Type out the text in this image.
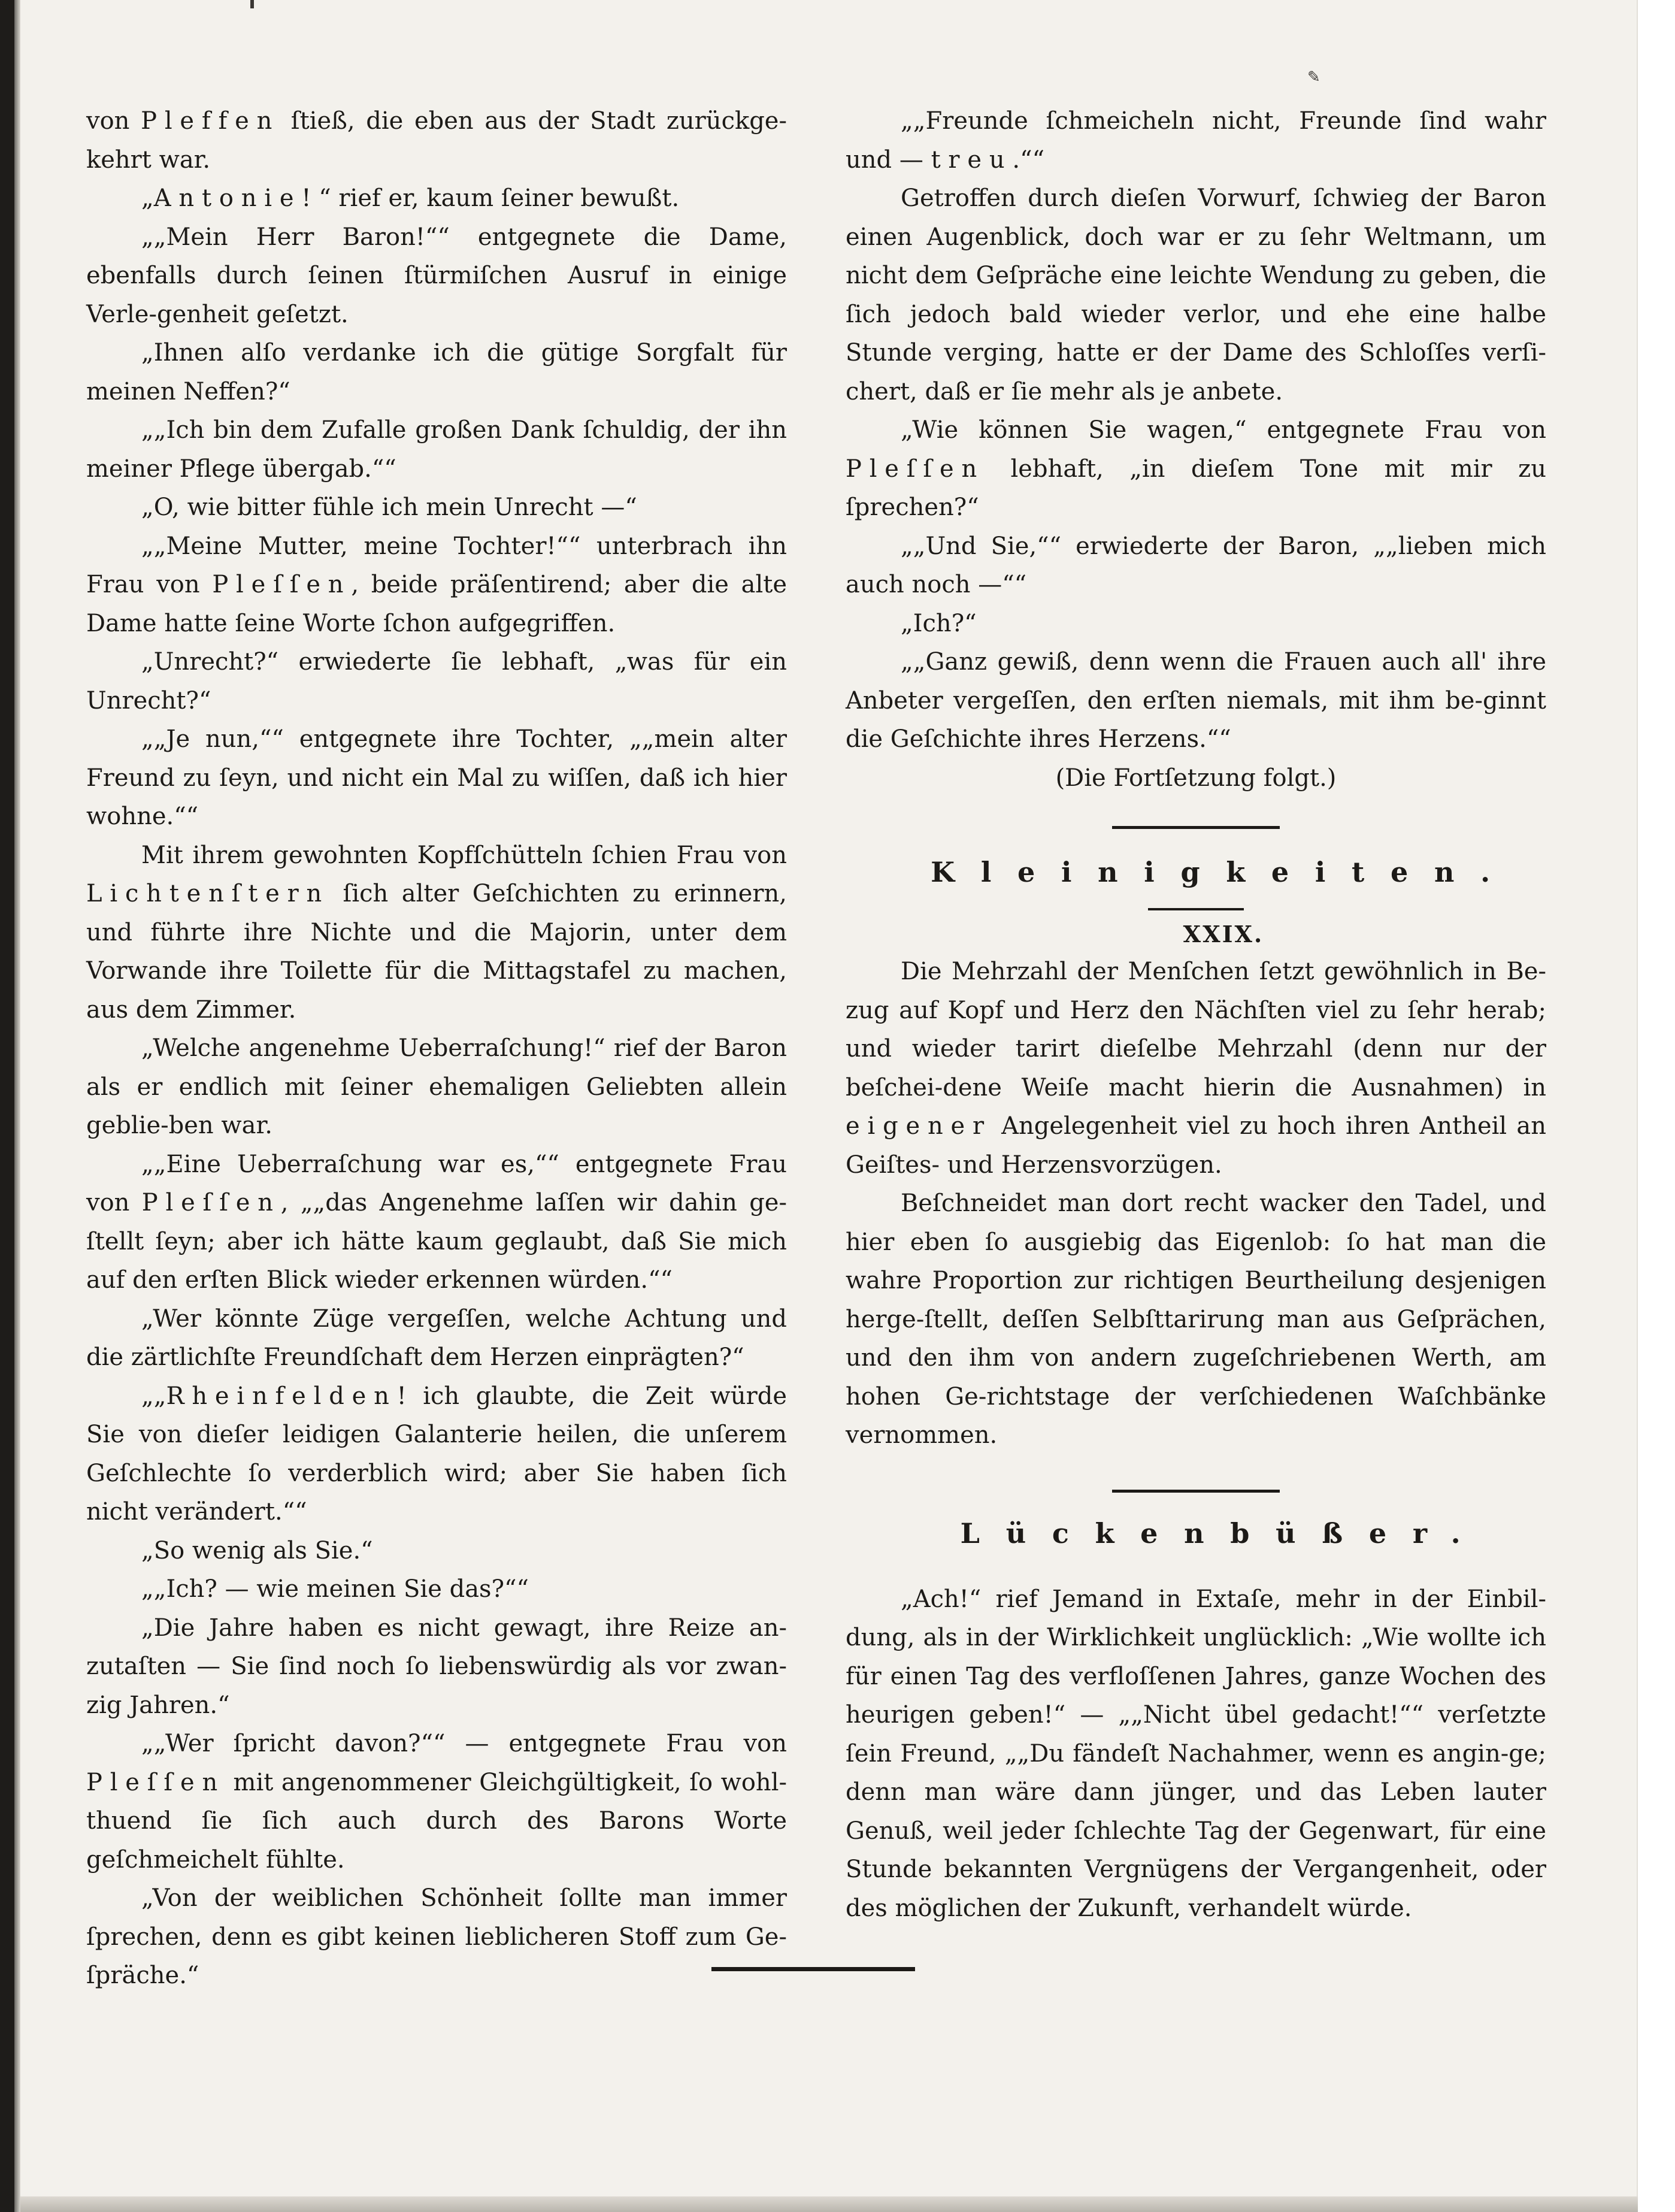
✎

von Pleffen ſtieß, die eben aus der Stadt zurückge-kehrt war.

„Antonie!“ rief er, kaum ſeiner bewußt.

„„Mein Herr Baron!““ entgegnete die Dame, ebenfalls durch ſeinen ſtürmiſchen Ausruf in einige Verle-genheit geſetzt.

„Ihnen alſo verdanke ich die gütige Sorgfalt für meinen Neffen?“

„„Ich bin dem Zufalle großen Dank ſchuldig, der ihn meiner Pflege übergab.““

„O, wie bitter fühle ich mein Unrecht —“

„„Meine Mutter, meine Tochter!““ unterbrach ihn Frau von Pleſſen, beide präſentirend; aber die alte Dame hatte ſeine Worte ſchon aufgegriffen.

„Unrecht?“ erwiederte ſie lebhaft, „was für ein Unrecht?“

„„Je nun,““ entgegnete ihre Tochter, „„mein alter Freund zu ſeyn, und nicht ein Mal zu wiſſen, daß ich hier wohne.““

Mit ihrem gewohnten Kopfſchütteln ſchien Frau von Lichtenſtern ſich alter Geſchichten zu erinnern, und führte ihre Nichte und die Majorin, unter dem Vorwande ihre Toilette für die Mittagstafel zu machen, aus dem Zimmer.

„Welche angenehme Ueberraſchung!“ rief der Baron als er endlich mit ſeiner ehemaligen Geliebten allein geblie-ben war.

„„Eine Ueberraſchung war es,““ entgegnete Frau von Pleſſen, „„das Angenehme laſſen wir dahin ge-ſtellt ſeyn; aber ich hätte kaum geglaubt, daß Sie mich auf den erſten Blick wieder erkennen würden.““

„Wer könnte Züge vergeſſen, welche Achtung und die zärtlichſte Freundſchaft dem Herzen einprägten?“

„„Rheinfelden! ich glaubte, die Zeit würde Sie von dieſer leidigen Galanterie heilen, die unſerem Geſchlechte ſo verderblich wird; aber Sie haben ſich nicht verändert.““

„So wenig als Sie.“

„„Ich? — wie meinen Sie das?““

„Die Jahre haben es nicht gewagt, ihre Reize an-zutaſten — Sie ſind noch ſo liebenswürdig als vor zwan-zig Jahren.“

„„Wer ſpricht davon?““ — entgegnete Frau von Pleſſen mit angenommener Gleichgültigkeit, ſo wohl-thuend ſie ſich auch durch des Barons Worte geſchmeichelt fühlte.

„Von der weiblichen Schönheit ſollte man immer ſprechen, denn es gibt keinen lieblicheren Stoff zum Ge-ſpräche.“

„„Freunde ſchmeicheln nicht, Freunde ſind wahr und — treu.““

Getroffen durch dieſen Vorwurf, ſchwieg der Baron einen Augenblick, doch war er zu ſehr Weltmann, um nicht dem Geſpräche eine leichte Wendung zu geben, die ſich jedoch bald wieder verlor, und ehe eine halbe Stunde verging, hatte er der Dame des Schloſſes verſi-chert, daß er ſie mehr als je anbete.

„Wie können Sie wagen,“ entgegnete Frau von Pleſſen lebhaft, „in dieſem Tone mit mir zu ſprechen?“

„„Und Sie,““ erwiederte der Baron, „„lieben mich auch noch —““

„Ich?“

„„Ganz gewiß, denn wenn die Frauen auch all' ihre Anbeter vergeſſen, den erſten niemals, mit ihm be-ginnt die Geſchichte ihres Herzens.““

(Die Fortſetzung folgt.)

Kleinigkeiten.

XXIX.

Die Mehrzahl der Menſchen ſetzt gewöhnlich in Be-zug auf Kopf und Herz den Nächſten viel zu ſehr herab; und wieder tarirt dieſelbe Mehrzahl (denn nur der beſchei-dene Weiſe macht hierin die Ausnahmen) in eigener Angelegenheit viel zu hoch ihren Antheil an Geiſtes- und Herzensvorzügen.

Beſchneidet man dort recht wacker den Tadel, und hier eben ſo ausgiebig das Eigenlob: ſo hat man die wahre Proportion zur richtigen Beurtheilung desjenigen herge-ſtellt, deſſen Selbſttarirung man aus Geſprächen, und den ihm von andern zugeſchriebenen Werth, am hohen Ge-richtstage der verſchiedenen Waſchbänke vernommen.

Lückenbüßer.

„Ach!“ rief Jemand in Extaſe, mehr in der Einbil-dung, als in der Wirklichkeit unglücklich: „Wie wollte ich für einen Tag des verfloſſenen Jahres, ganze Wochen des heurigen geben!“ — „„Nicht übel gedacht!““ verſetzte ſein Freund, „„Du fändeſt Nachahmer, wenn es angin-ge; denn man wäre dann jünger, und das Leben lauter Genuß, weil jeder ſchlechte Tag der Gegenwart, für eine Stunde bekannten Vergnügens der Vergangenheit, oder des möglichen der Zukunft, verhandelt würde.
